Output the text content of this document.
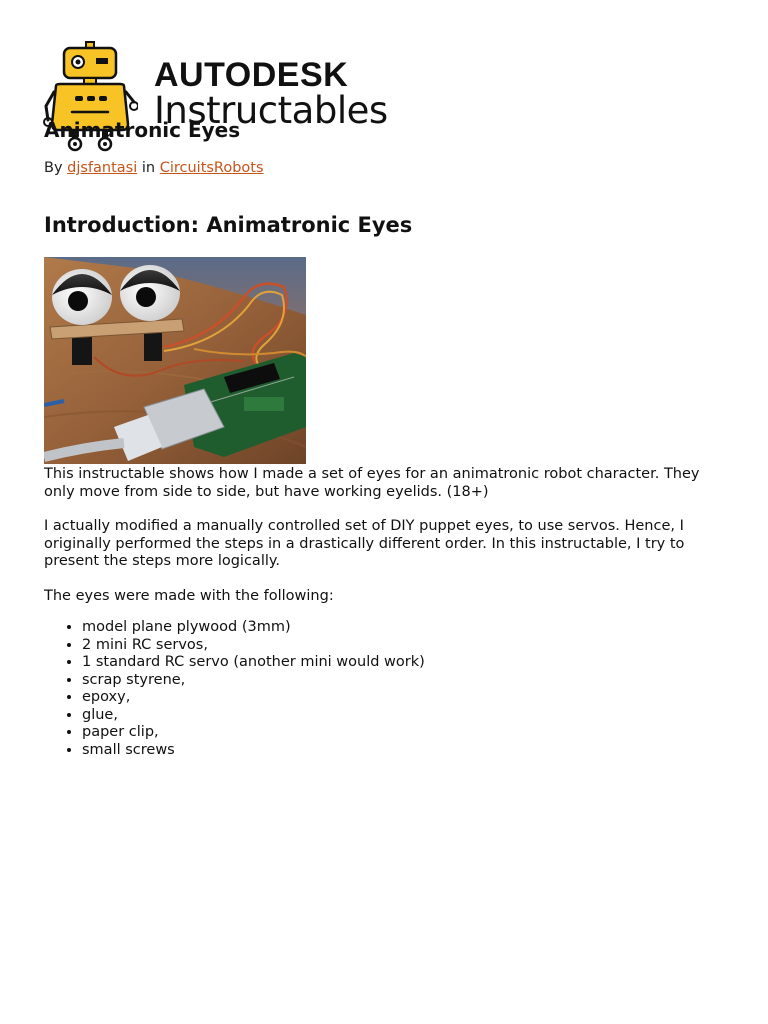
AUTODESK
Instructables
Animatronic Eyes
By djsfantasi in CircuitsRobots
Introduction: Animatronic Eyes

This instructable shows how I made a set of eyes for an animatronic robot character. They only move from side to side, but have working eyelids. (18+)

I actually modified a manually controlled set of DIY puppet eyes, to use servos. Hence, I originally performed the steps in a drastically different order. In this instructable, I try to present the steps more logically.

The eyes were made with the following:

• model plane plywood (3mm)
• 2 mini RC servos,
• 1 standard RC servo (another mini would work)
• scrap styrene,
• epoxy,
• glue,
• paper clip,
• small screws
